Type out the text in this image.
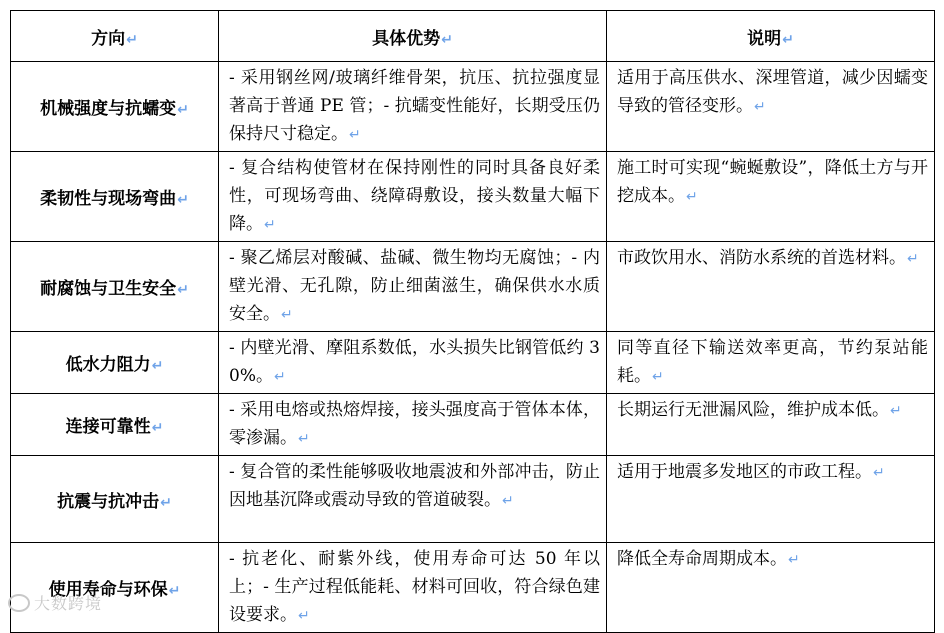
方向↵	具体优势↵	说明↵
机械强度与抗蠕变↵	- 采用钢丝网/玻璃纤维骨架，抗压、抗拉强度显著高于普通 PE 管；- 抗蠕变性能好，长期受压仍保持尺寸稳定。↵	适用于高压供水、深埋管道，减少因蠕变导致的管径变形。↵
柔韧性与现场弯曲↵	- 复合结构使管材在保持刚性的同时具备良好柔性，可现场弯曲、绕障碍敷设，接头数量大幅下降。↵	施工时可实现“蜿蜒敷设”，降低土方与开挖成本。↵
耐腐蚀与卫生安全↵	- 聚乙烯层对酸碱、盐碱、微生物均无腐蚀；- 内壁光滑、无孔隙，防止细菌滋生，确保供水水质安全。↵	市政饮用水、消防水系统的首选材料。↵
低水力阻力↵	- 内壁光滑、摩阻系数低，水头损失比钢管低约 30%。↵	同等直径下输送效率更高，节约泵站能耗。↵
连接可靠性↵	- 采用电熔或热熔焊接，接头强度高于管体本体，零渗漏。↵	长期运行无泄漏风险，维护成本低。↵
抗震与抗冲击↵	- 复合管的柔性能够吸收地震波和外部冲击，防止因地基沉降或震动导致的管道破裂。↵	适用于地震多发地区的市政工程。↵
使用寿命与环保↵	- 抗老化、耐紫外线，使用寿命可达 50 年以上；- 生产过程低能耗、材料可回收，符合绿色建设要求。↵	降低全寿命周期成本。↵
大数跨境
